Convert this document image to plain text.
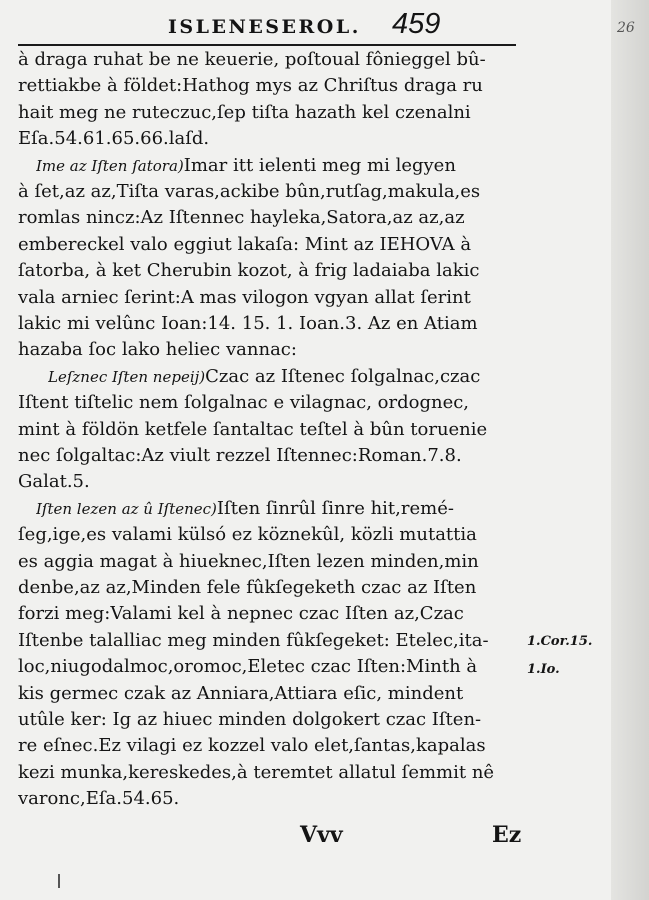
26
ISLENESEROL. 459
à draga ruhat be ne keuerie, poſtoual fônieggel bû-
rettiakbe à földet:Hathog mys az Chriſtus draga ru
hait meg ne ruteczuc,ſep tiſta hazath kel czenalni
Eſa.54.61.65.66.laſd.
Ime az Iſten ſatora)Imar itt ielenti meg mi legyen
à ſet,az az,Tiſta varas,ackibe bûn,rutſag,makula,es
romlas nincz:Az Iſtennec hayleka,Satora,az az,az
embereckel valo eggiut lakaſa: Mint az IEHOVA à
ſatorba, à ket Cherubin kozot, à frig ladaiaba lakic
vala arniec ſerint:A mas vilogon vgyan allat ſerint
lakic mi velûnc Ioan:14. 15. 1. Ioan.3. Az en Atiam
hazaba ſoc lako heliec vannac:
Leſznec Iſten nepeij)Czac az Iſtenec ſolgalnac,czac
Iſtent tiſtelic nem ſolgalnac e vilagnac, ordognec,
mint à földön ketfele ſantaltac teſtel à bûn toruenie
nec ſolgaltac:Az viult rezzel Iſtennec:Roman.7.8.
Galat.5.
Iſten lezen az û Iſtenec)Iſten ſinrûl ſinre hit,remé-
ſeg,ige,es valami külsó ez köznekûl, közli mutattia
es aggia magat à hiueknec,Iſten lezen minden,min
denbe,az az,Minden fele fûkſegeketh czac az Iſten
forzi meg:Valami kel à nepnec czac Iſten az,Czac
Iſtenbe talalliac meg minden fûkſegeket: Etelec,ita-
loc,niugodalmoc,oromoc,Eletec czac Iſten:Minth à
kis germec czak az Anniara,Attiara eſic, mindent
utûle ker: Ig az hiuec minden dolgokert czac Iſten-
re eſnec.Ez vilagi ez kozzel valo elet,ſantas,kapalas
kezi munka,kereskedes,à teremtet allatul ſemmit nê
varonc,Eſa.54.65.
1.Cor.15.
1.Io.
Vvv	Ez
